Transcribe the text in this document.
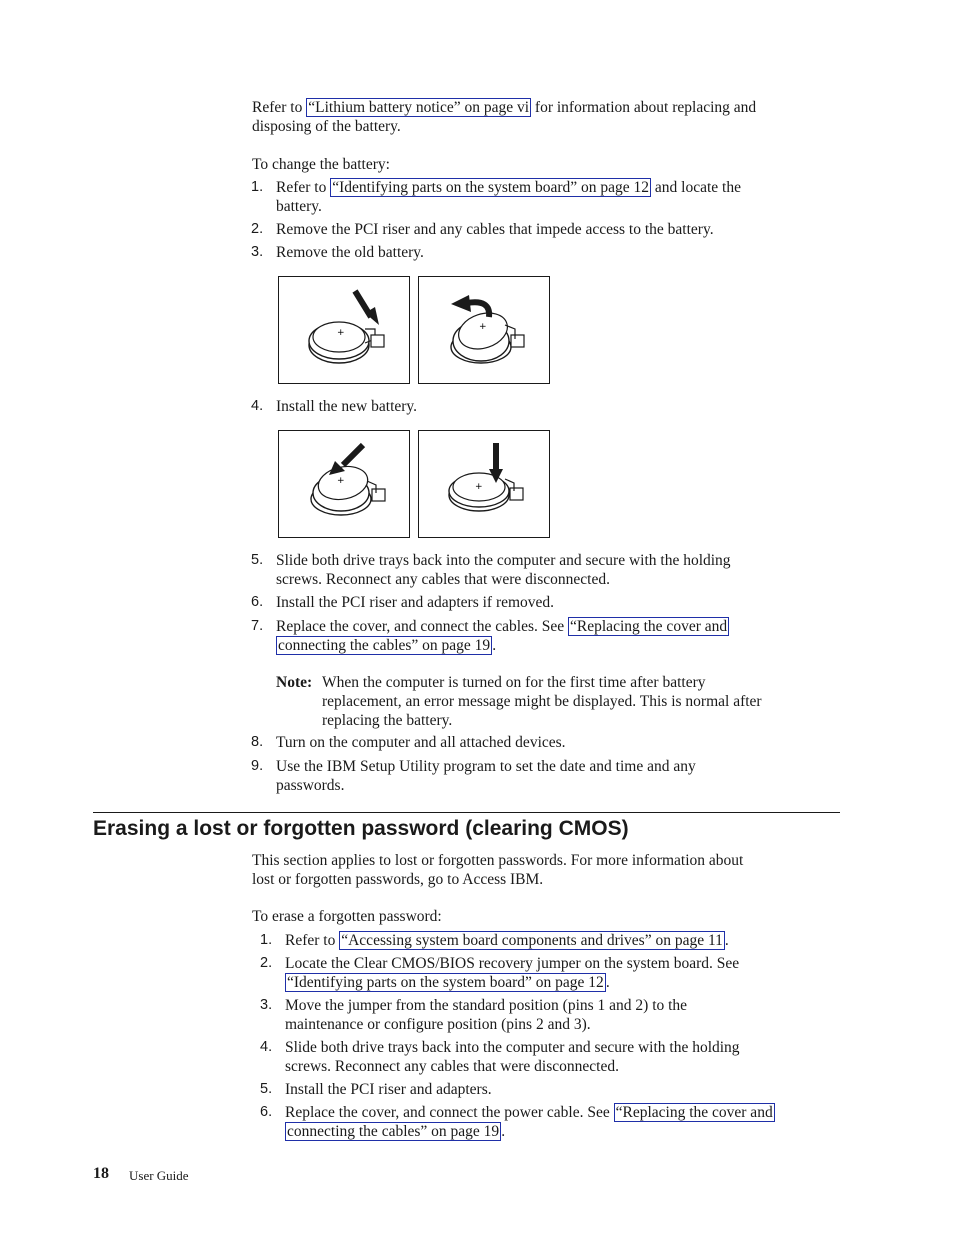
Refer to “Lithium battery notice” on page vi for information about replacing and
disposing of the battery.
To change the battery:
1. Refer to “Identifying parts on the system board” on page 12 and locate the
battery.
2. Remove the PCI riser and any cables that impede access to the battery.
3. Remove the old battery.
+
+
4. Install the new battery.
+
+
5. Slide both drive trays back into the computer and secure with the holding
screws. Reconnect any cables that were disconnected.
6. Install the PCI riser and adapters if removed.
7. Replace the cover, and connect the cables. See “Replacing the cover and
connecting the cables” on page 19 .
Note: When the computer is turned on for the first time after battery
replacement, an error message might be displayed. This is normal after
replacing the battery.
8. Turn on the computer and all attached devices.
9. Use the IBM Setup Utility program to set the date and time and any
passwords.
Erasing a lost or forgotten password (clearing CMOS)
This section applies to lost or forgotten passwords. For more information about
lost or forgotten passwords, go to Access IBM.
To erase a forgotten password:
1. Refer to “Accessing system board components and drives” on page 11 .
2. Locate the Clear CMOS/BIOS recovery jumper on the system board. See
“Identifying parts on the system board” on page 12 .
3. Move the jumper from the standard position (pins 1 and 2) to the
maintenance or configure position (pins 2 and 3).
4. Slide both drive trays back into the computer and secure with the holding
screws. Reconnect any cables that were disconnected.
5. Install the PCI riser and adapters.
6. Replace the cover, and connect the power cable. See “Replacing the cover and
connecting the cables” on page 19 .
18 User Guide
